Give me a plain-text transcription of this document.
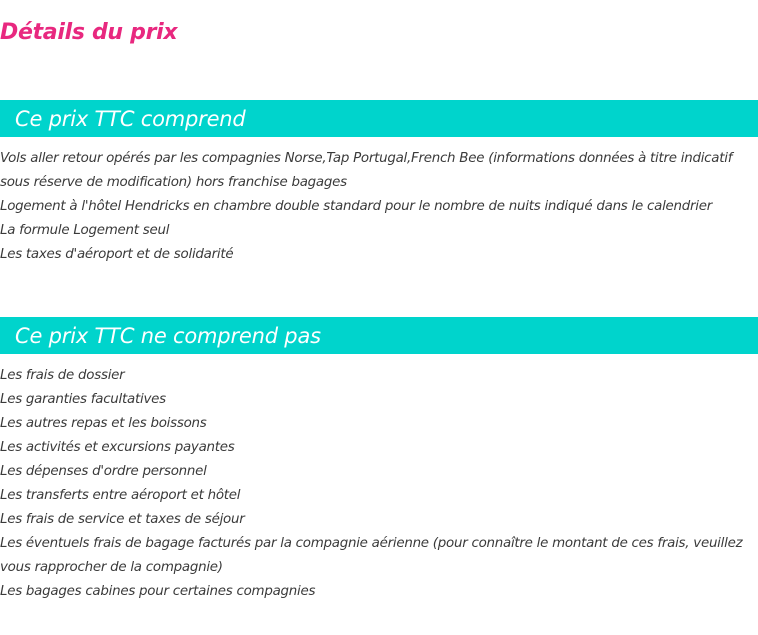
Détails du prix
Ce prix TTC comprend
Vols aller retour opérés par les compagnies Norse,Tap Portugal,French Bee (informations données à titre indicatif sous réserve de modification) hors franchise bagages
Logement à l'hôtel Hendricks en chambre double standard pour le nombre de nuits indiqué dans le calendrier
La formule Logement seul
Les taxes d'aéroport et de solidarité
Ce prix TTC ne comprend pas
Les frais de dossier
Les garanties facultatives
Les autres repas et les boissons
Les activités et excursions payantes
Les dépenses d'ordre personnel
Les transferts entre aéroport et hôtel
Les frais de service et taxes de séjour
Les éventuels frais de bagage facturés par la compagnie aérienne (pour connaître le montant de ces frais, veuillez vous rapprocher de la compagnie)
Les bagages cabines pour certaines compagnies
